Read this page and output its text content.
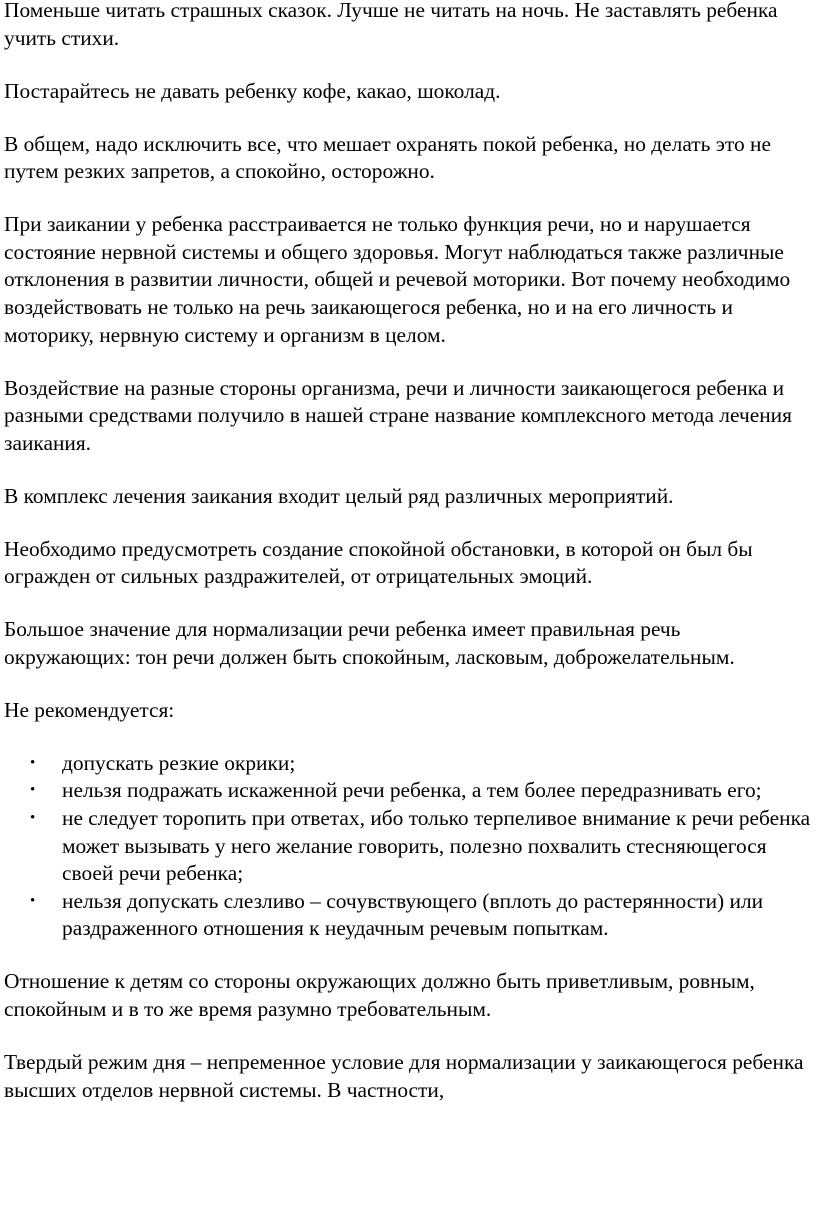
Поменьше читать страшных сказок. Лучше не читать на ночь. Не заставлять ребенка учить стихи.

Постарайтесь не давать ребенку кофе, какао, шоколад.

В общем, надо исключить все, что мешает охранять покой ребенка, но делать это не путем резких запретов, а спокойно, осторожно.

При заикании у ребенка расстраивается не только функция речи, но и нарушается состояние нервной системы и общего здоровья. Могут наблюдаться также различные отклонения в развитии личности, общей и речевой моторики. Вот почему необходимо воздействовать не только на речь заикающегося ребенка, но и на его личность и моторику, нервную систему и организм в целом.

Воздействие на разные стороны организма, речи и личности заикающегося ребенка и разными средствами получило в нашей стране название комплексного метода лечения заикания.

В комплекс лечения заикания входит целый ряд различных мероприятий.

Необходимо предусмотреть создание спокойной обстановки, в которой он был бы огражден от сильных раздражителей, от отрицательных эмоций.

Большое значение для нормализации речи ребенка имеет правильная речь окружающих: тон речи должен быть спокойным, ласковым, доброжелательным.

Не рекомендуется:

• допускать резкие окрики;
• нельзя подражать искаженной речи ребенка, а тем более передразнивать его;
• не следует торопить при ответах, ибо только терпеливое внимание к речи ребенка может вызывать у него желание говорить, полезно похвалить стесняющегося своей речи ребенка;
• нельзя допускать слезливо – сочувствующего (вплоть до растерянности) или раздраженного отношения к неудачным речевым попыткам.

Отношение к детям со стороны окружающих должно быть приветливым, ровным, спокойным и в то же время разумно требовательным.

Твердый режим дня – непременное условие для нормализации у заикающегося ребенка высших отделов нервной системы. В частности,
